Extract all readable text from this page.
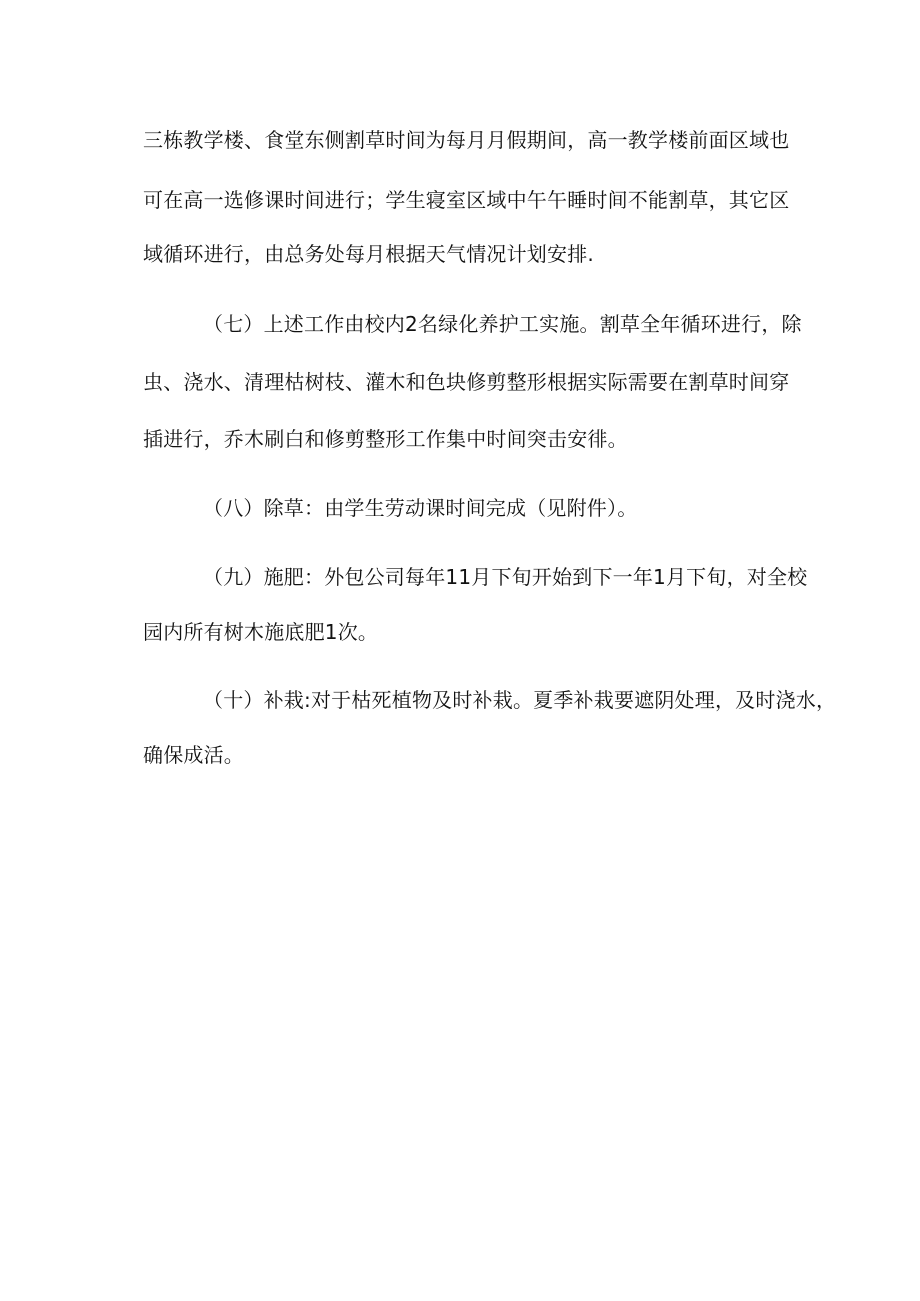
三栋教学楼、食堂东侧割草时间为每月月假期间，高一教学楼前面区域也
可在高一选修课时间进行；学生寝室区域中午午睡时间不能割草，其它区
域循环进行，由总务处每月根据天气情况计划安排.
（七）上述工作由校内2名绿化养护工实施。割草全年循环进行，除
虫、浇水、清理枯树枝、灌木和色块修剪整形根据实际需要在割草时间穿
插进行，乔木刷白和修剪整形工作集中时间突击安徘。
（八）除草：由学生劳动课时间完成（见附件）。
（九）施肥：外包公司每年11月下旬开始到下一年1月下旬，对全校
园内所有树木施底肥1次。
（十）补栽:对于枯死植物及时补栽。夏季补栽要遮阴处理，及时浇水，
确保成活。
